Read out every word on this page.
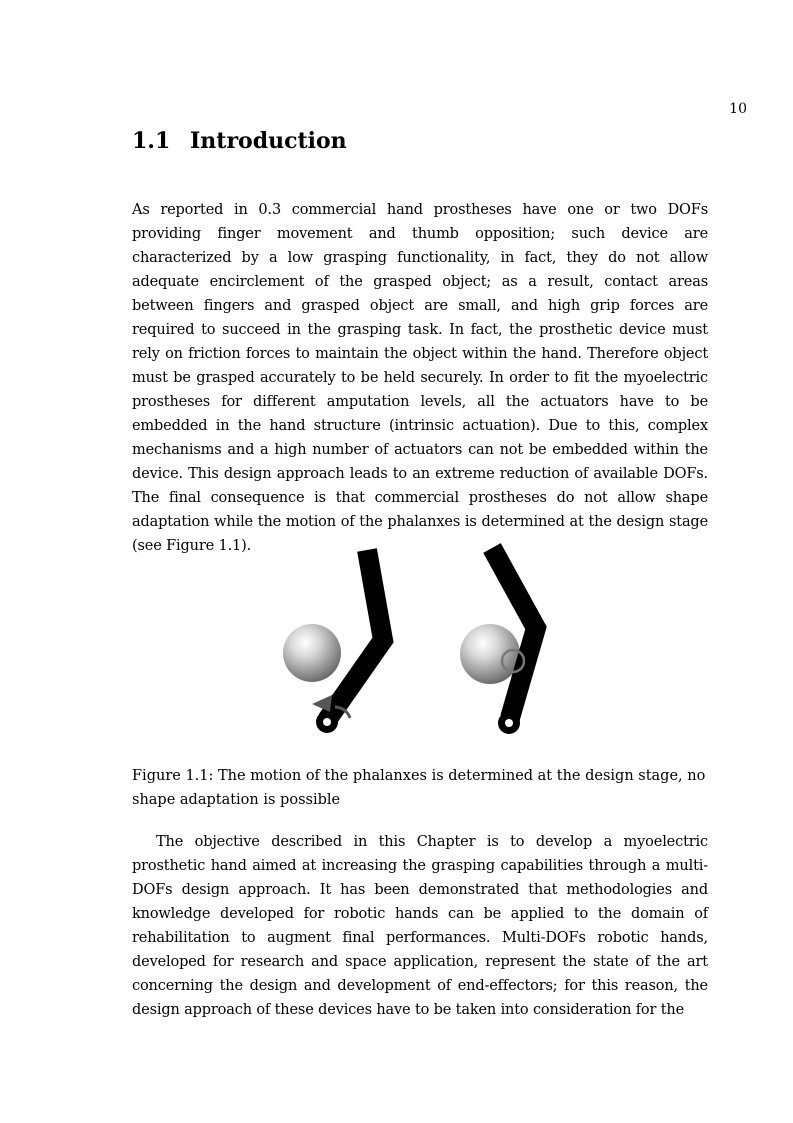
10
1.1 Introduction

As reported in 0.3 commercial hand prostheses have one or two DOFs providing finger movement and thumb opposition; such device are characterized by a low grasping functionality, in fact, they do not allow adequate encirclement of the grasped object; as a result, contact areas between fingers and grasped object are small, and high grip forces are required to succeed in the grasping task. In fact, the prosthetic device must rely on friction forces to maintain the object within the hand. Therefore object must be grasped accurately to be held securely. In order to fit the myoelectric prostheses for different amputation levels, all the actuators have to be embedded in the hand structure (intrinsic actuation). Due to this, complex mechanisms and a high number of actuators can not be embedded within the device. This design approach leads to an extreme reduction of available DOFs. The final consequence is that commercial prostheses do not allow shape adaptation while the motion of the phalanxes is determined at the design stage (see Figure 1.1).

Figure 1.1: The motion of the phalanxes is determined at the design stage, no shape adaptation is possible

The objective described in this Chapter is to develop a myoelectric prosthetic hand aimed at increasing the grasping capabilities through a multi-DOFs design approach. It has been demonstrated that methodologies and knowledge developed for robotic hands can be applied to the domain of rehabilitation to augment final performances. Multi-DOFs robotic hands, developed for research and space application, represent the state of the art concerning the design and development of end-effectors; for this reason, the design approach of these devices have to be taken into consideration for the
